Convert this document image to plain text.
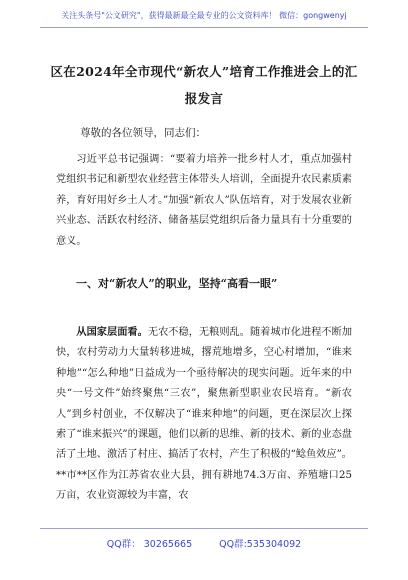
关注头条号"公文研究"，获得最新最全最专业的公文资料库！ 微信：gongwenyj
区在2024年全市现代“新农人”培育工作推进会上的汇报发言
尊敬的各位领导，同志们：
习近平总书记强调：“要着力培养一批乡村人才，重点加强村党组织书记和新型农业经营主体带头人培训，全面提升农民素质素养，育好用好乡土人才。”加强“新农人”队伍培育，对于发展农业新兴业态、活跃农村经济、储备基层党组织后备力量具有十分重要的意义。
一、对“新农人”的职业，坚持“高看一眼”
从国家层面看。无农不稳，无粮则乱。随着城市化进程不断加快，农村劳动力大量转移进城，撂荒地增多，空心村增加，“谁来种地”“怎么种地”日益成为一个亟待解决的现实问题。近年来的中央“一号文件”始终聚焦“三农”，聚焦新型职业农民培育。“新农人”到乡村创业，不仅解决了“谁来种地”的问题，更在深层次上探索了“谁来振兴”的课题，他们以新的思维、新的技术、新的业态盘活了土地、激活了村庄、搞活了农村，产生了积极的“鲶鱼效应”。**市**区作为江苏省农业大县，拥有耕地74.3万亩、养殖塘口25万亩，农业资源较为丰富，农
QQ群： 30265665	QQ群:535304092
